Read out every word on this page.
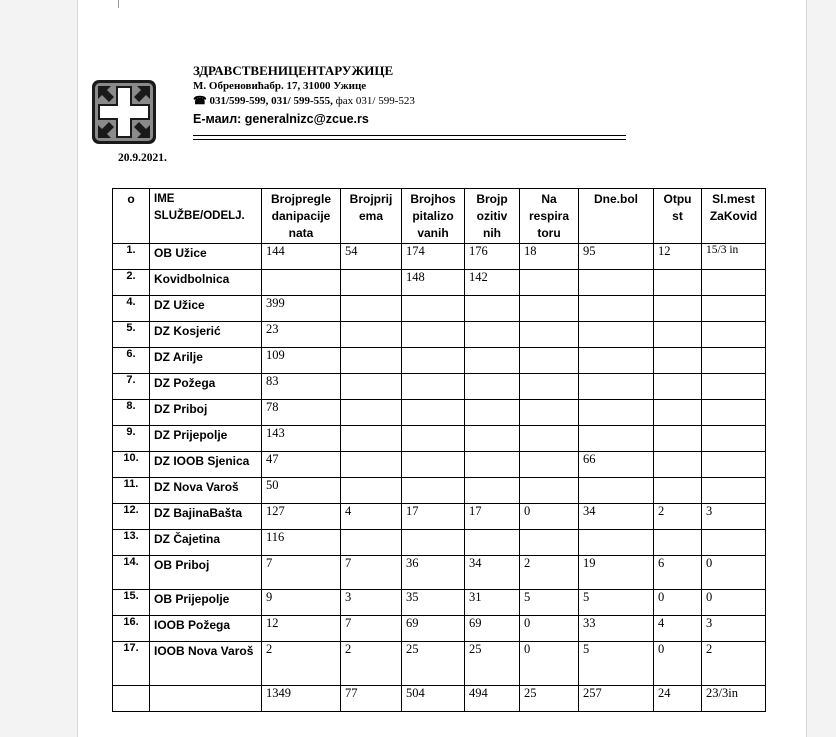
ЗДРАВСТВЕНИЦЕНТАРУЖИЦЕ
М. Обреновићабр. 17, 31000 Ужице
☎ 031/599-599, 031/ 599-555, фах 031/ 599-523
E-маил: generalnizc@zcue.rs
20.9.2021.
o	IME SLUŽBE/ODELJ.	Brojpregle danipacije nata	Brojprij ema	Brojhos pitalizo vanih	Brojp ozitiv nih	Na respira toru	Dne.bol	Otpu st	Sl.mest ZaKovid
1.	OB Užice	144	54	174	176	18	95	12	15/3 in
2.	Kovidbolnica			148	142				
4.	DZ Užice	399							
5.	DZ Kosjerić	23							
6.	DZ Arilje	109							
7.	DZ Požega	83							
8.	DZ Priboj	78							
9.	DZ Prijepolje	143							
10.	DZ IOOB Sjenica	47					66		
11.	DZ Nova Varoš	50							
12.	DZ BajinaBašta	127	4	17	17	0	34	2	3
13.	DZ Čajetina	116							
14.	OB Priboj	7	7	36	34	2	19	6	0
15.	OB Prijepolje	9	3	35	31	5	5	0	0
16.	IOOB Požega	12	7	69	69	0	33	4	3
17.	IOOB Nova Varoš	2	2	25	25	0	5	0	2
		1349	77	504	494	25	257	24	23/3in
